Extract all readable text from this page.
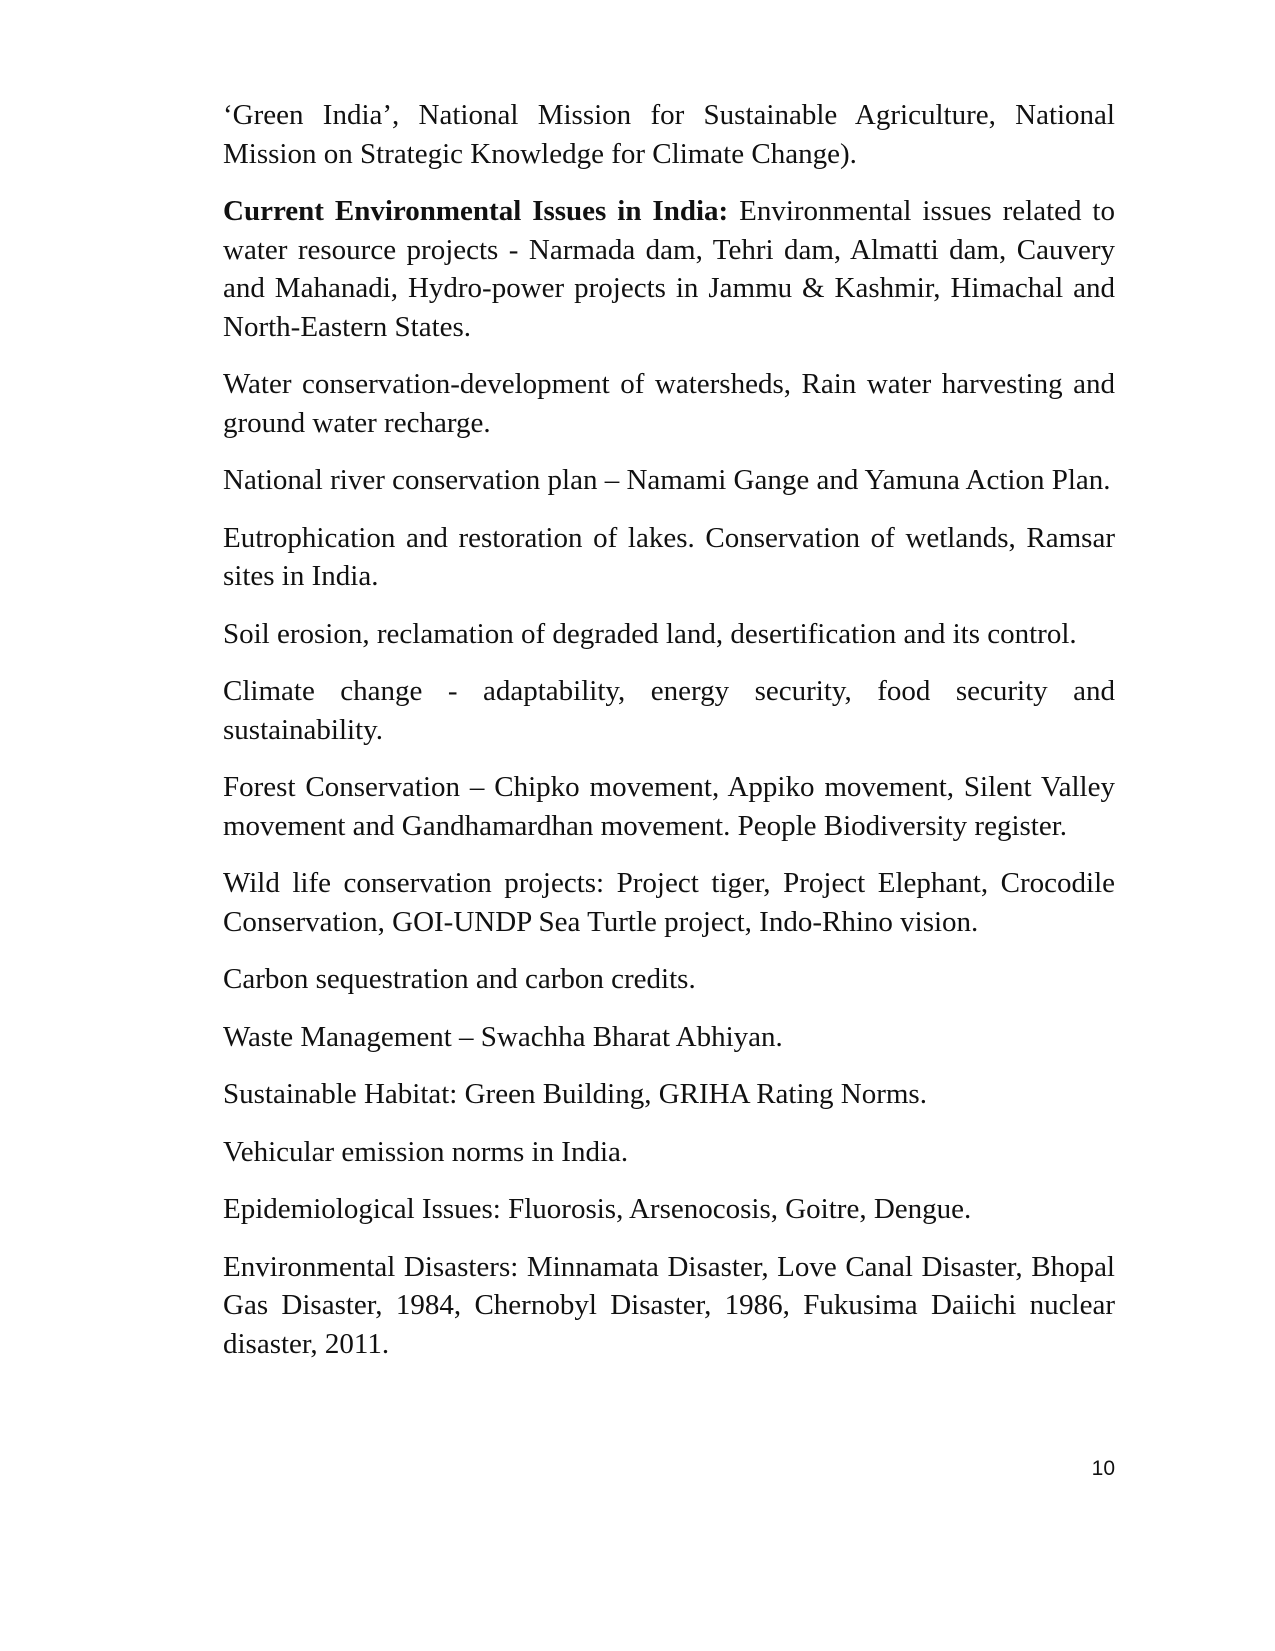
‘Green India’, National Mission for Sustainable Agriculture, National Mission on Strategic Knowledge for Climate Change).

Current Environmental Issues in India: Environmental issues related to water resource projects - Narmada dam, Tehri dam, Almatti dam, Cauvery and Mahanadi, Hydro-power projects in Jammu & Kashmir, Himachal and North-Eastern States.

Water conservation-development of watersheds, Rain water harvesting and ground water recharge.

National river conservation plan – Namami Gange and Yamuna Action Plan.

Eutrophication and restoration of lakes. Conservation of wetlands, Ramsar sites in India.

Soil erosion, reclamation of degraded land, desertification and its control.

Climate change - adaptability, energy security, food security and sustainability.

Forest Conservation – Chipko movement, Appiko movement, Silent Valley movement and Gandhamardhan movement. People Biodiversity register.

Wild life conservation projects: Project tiger, Project Elephant, Crocodile Conservation, GOI-UNDP Sea Turtle project, Indo-Rhino vision.

Carbon sequestration and carbon credits.

Waste Management – Swachha Bharat Abhiyan.

Sustainable Habitat: Green Building, GRIHA Rating Norms.

Vehicular emission norms in India.

Epidemiological Issues: Fluorosis, Arsenocosis, Goitre, Dengue.

Environmental Disasters: Minnamata Disaster, Love Canal Disaster, Bhopal Gas Disaster, 1984, Chernobyl Disaster, 1986, Fukusima Daiichi nuclear disaster, 2011.

10
